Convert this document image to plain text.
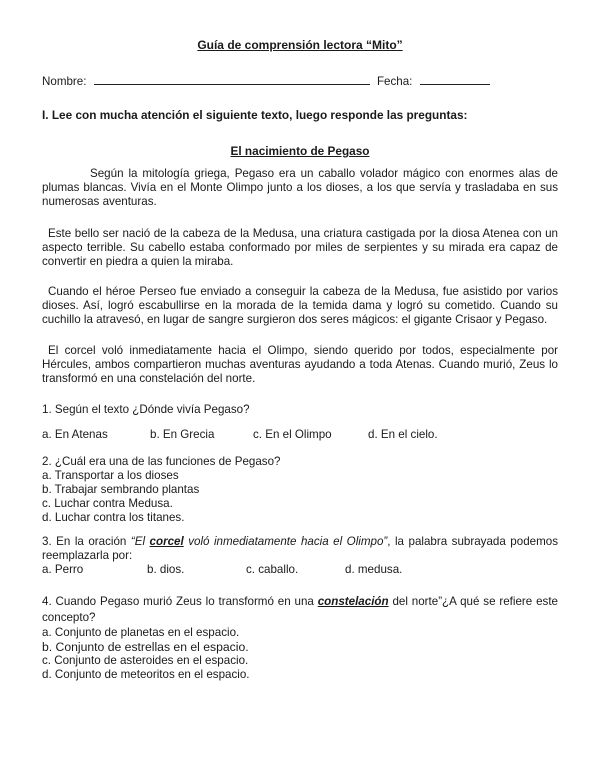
Guía de comprensión lectora “Mito”
Nombre:	Fecha:
I. Lee con mucha atención el siguiente texto, luego responde las preguntas:
El nacimiento de Pegaso
Según la mitología griega, Pegaso era un caballo volador mágico con enormes alas de plumas blancas. Vivía en el Monte Olimpo junto a los dioses, a los que servía y trasladaba en sus numerosas aventuras.
Este bello ser nació de la cabeza de la Medusa, una criatura castigada por la diosa Atenea con un aspecto terrible. Su cabello estaba conformado por miles de serpientes y su mirada era capaz de convertir en piedra a quien la miraba.
Cuando el héroe Perseo fue enviado a conseguir la cabeza de la Medusa, fue asistido por varios dioses. Así, logró escabullirse en la morada de la temida dama y logró su cometido. Cuando su cuchillo la atravesó, en lugar de sangre surgieron dos seres mágicos: el gigante Crisaor y Pegaso.
El corcel voló inmediatamente hacia el Olimpo, siendo querido por todos, especialmente por Hércules, ambos compartieron muchas aventuras ayudando a toda Atenas. Cuando murió, Zeus lo transformó en una constelación del norte.
1. Según el texto ¿Dónde vivía Pegaso?
a. En Atenas	b. En Grecia	c. En el Olimpo	d. En el cielo.
2. ¿Cuál era una de las funciones de Pegaso?
a. Transportar a los dioses
b. Trabajar sembrando plantas
c. Luchar contra Medusa.
d. Luchar contra los titanes.
3. En la oración “El corcel voló inmediatamente hacia el Olimpo”, la palabra subrayada podemos reemplazarla por:
a. Perro	b. dios.	c. caballo.	d. medusa.
4. Cuando Pegaso murió Zeus lo transformó en una constelación del norte”¿A qué se refiere este concepto?
a. Conjunto de planetas en el espacio.
b. Conjunto de estrellas en el espacio.
c. Conjunto de asteroides en el espacio.
d. Conjunto de meteoritos en el espacio.
